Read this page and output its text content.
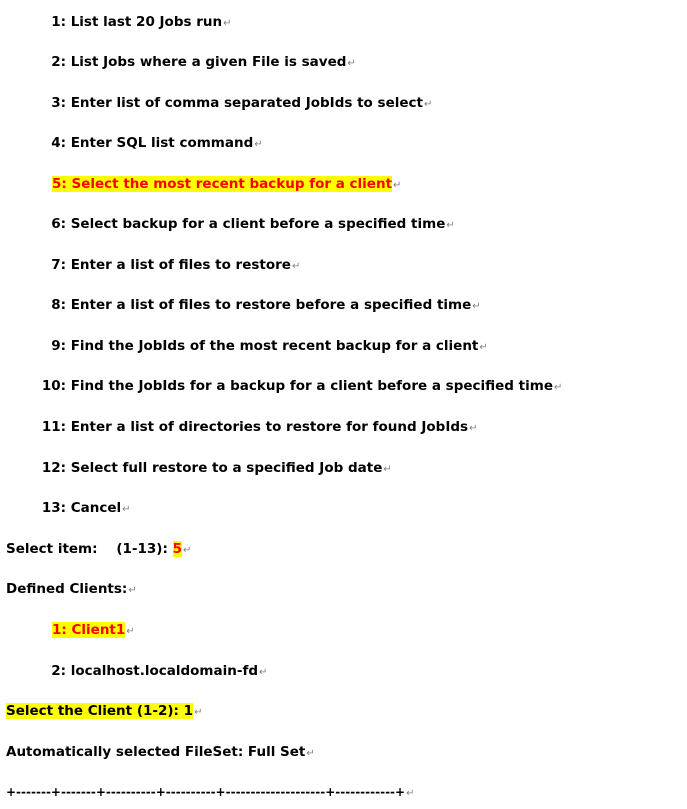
1: List last 20 Jobs run↵
2: List Jobs where a given File is saved↵
3: Enter list of comma separated JobIds to select↵
4: Enter SQL list command↵
5: Select the most recent backup for a client↵
6: Select backup for a client before a specified time↵
7: Enter a list of files to restore↵
8: Enter a list of files to restore before a specified time↵
9: Find the JobIds of the most recent backup for a client↵
10: Find the JobIds for a backup for a client before a specified time↵
11: Enter a list of directories to restore for found JobIds↵
12: Select full restore to a specified Job date↵
13: Cancel↵
Select item: (1-13): 5↵
Defined Clients:↵
1: Client1↵
2: localhost.localdomain-fd↵
Select the Client (1-2): 1↵
Automatically selected FileSet: Full Set↵
+-------+-------+----------+----------+--------------------+------------+↵
